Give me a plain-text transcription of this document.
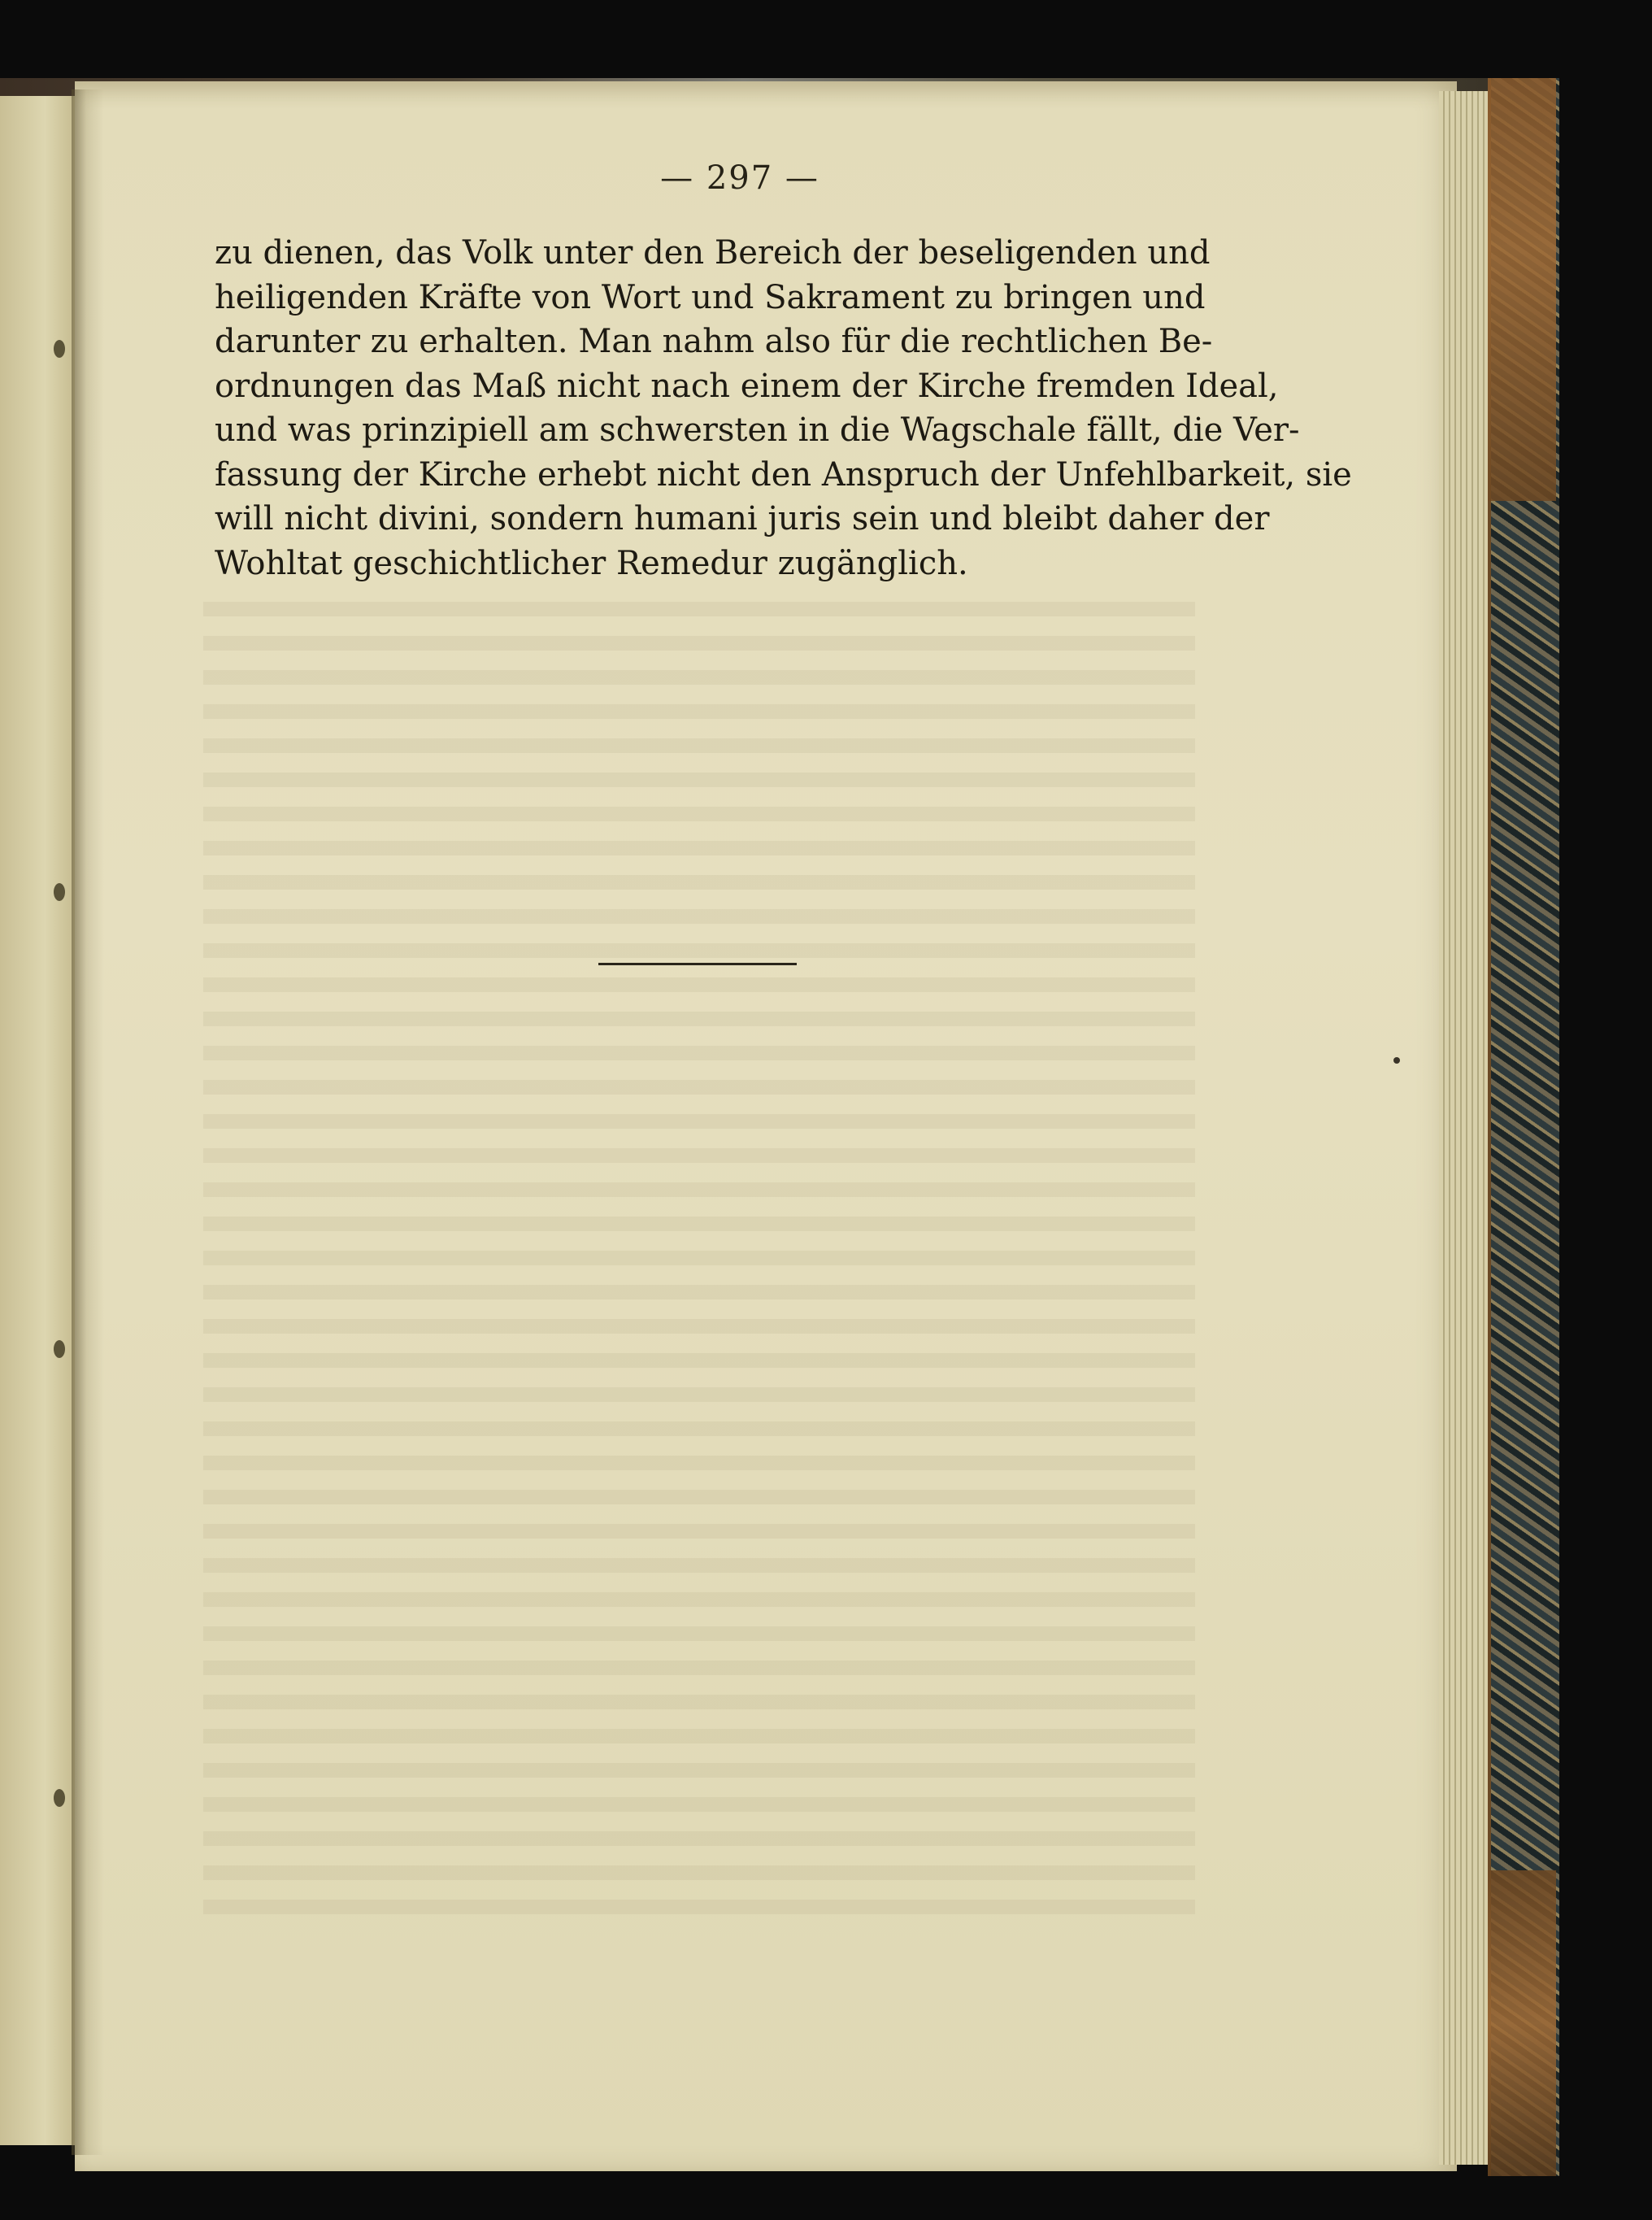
— 297 —
zu dienen, das Volk unter den Bereich der beseligenden und
heiligenden Kräfte von Wort und Sakrament zu bringen und
darunter zu erhalten. Man nahm also für die rechtlichen Be-
ordnungen das Maß nicht nach einem der Kirche fremden Ideal,
und was prinzipiell am schwersten in die Wagschale fällt, die Ver-
fassung der Kirche erhebt nicht den Anspruch der Unfehlbarkeit, sie
will nicht divini, sondern humani juris sein und bleibt daher der
Wohltat geschichtlicher Remedur zugänglich.
